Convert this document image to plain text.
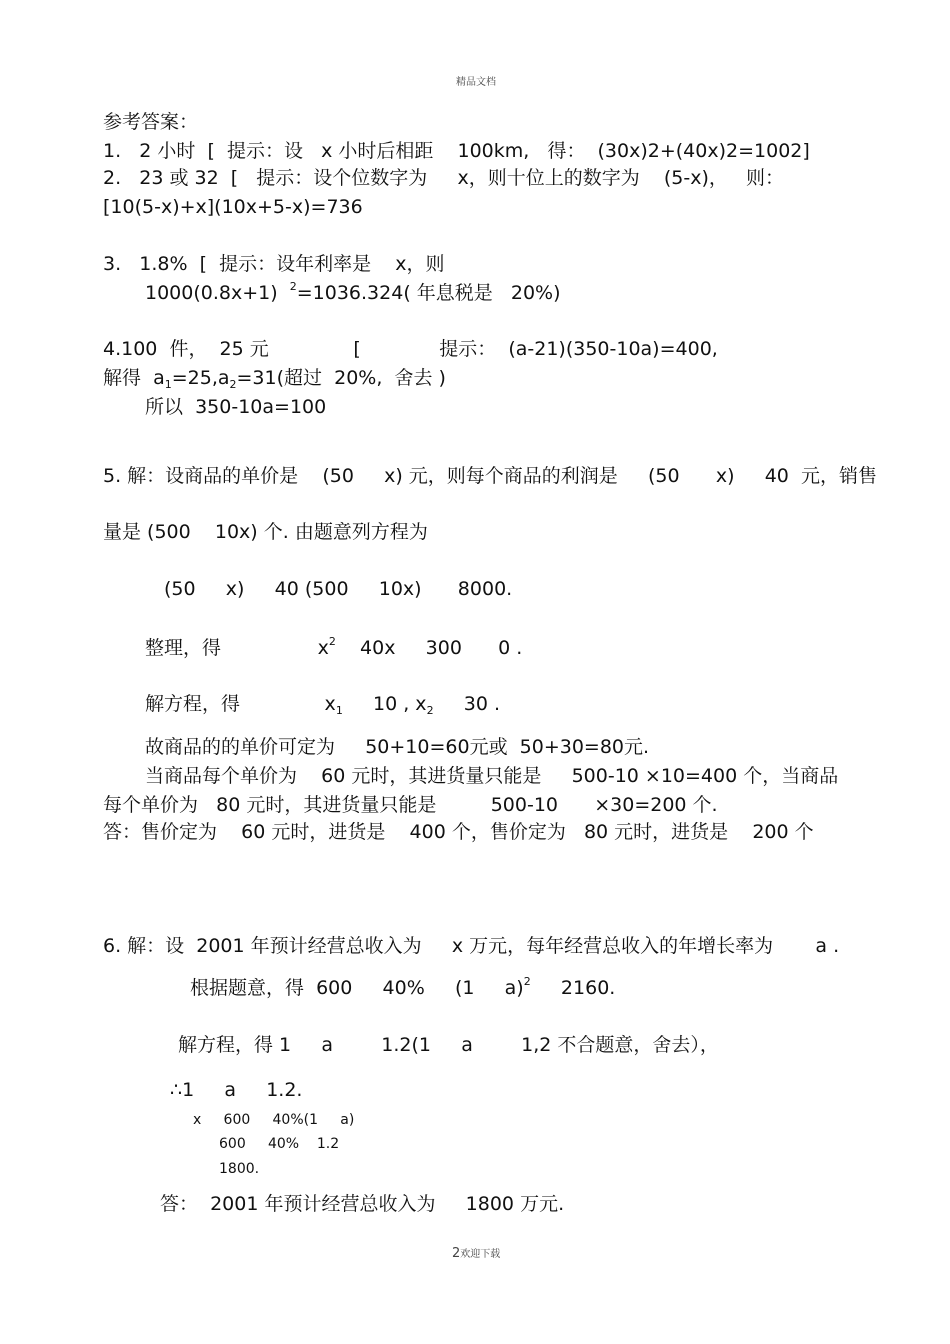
精品文档
参考答案：
1.   2 小时  [  提示：设   x 小时后相距    100km,   得：  (30x)2+(40x)2=1002]
2.   23 或 32  [   提示：设个位数字为     x，则十位上的数字为    (5-x)，   则：
[10(5-x)+x](10x+5-x)=736
3.   1.8%  [  提示：设年利率是    x，则
1000(0.8x+1)  $^2$=1036.324( 年息税是   20%)
4.100  件，  25 元              [             提示：  (a-21)(350-10a)=400,
解得  $a_1=25,a_2=31$(超过  20%,  舍去 )
所以  350-10a=100
5. 解：设商品的单价是    (50     x) 元，则每个商品的利润是     (50      x)     40  元，销售
量是 (500    10x) 个. 由题意列方程为
(50     x)     40 (500     10x)      8000.
整理，得                $x^2$    40x     300      0 .
解方程，得              $x_1$     10 , $x_2$     30 .
故商品的的单价可定为     50+10=60元或  50+30=80元.
当商品每个单价为    60 元时，其进货量只能是     500-10 ×10=400 个，当商品
每个单价为   80 元时，其进货量只能是         500-10      ×30=200 个.
答：售价定为    60 元时，进货是    400 个，售价定为   80 元时，进货是    200 个
6. 解：设  2001 年预计经营总收入为     x 万元，每年经营总收入的年增长率为       a .
根据题意，得  600     40%     (1     a)$^2$     2160.
解方程，得 1     a        1.2(1     a        1,2 不合题意，舍去），
∴1     a     1.2.
x     600     40%(1     a)
600     40%    1.2
1800.
答：  2001 年预计经营总收入为     1800 万元.
2欢迎下载
